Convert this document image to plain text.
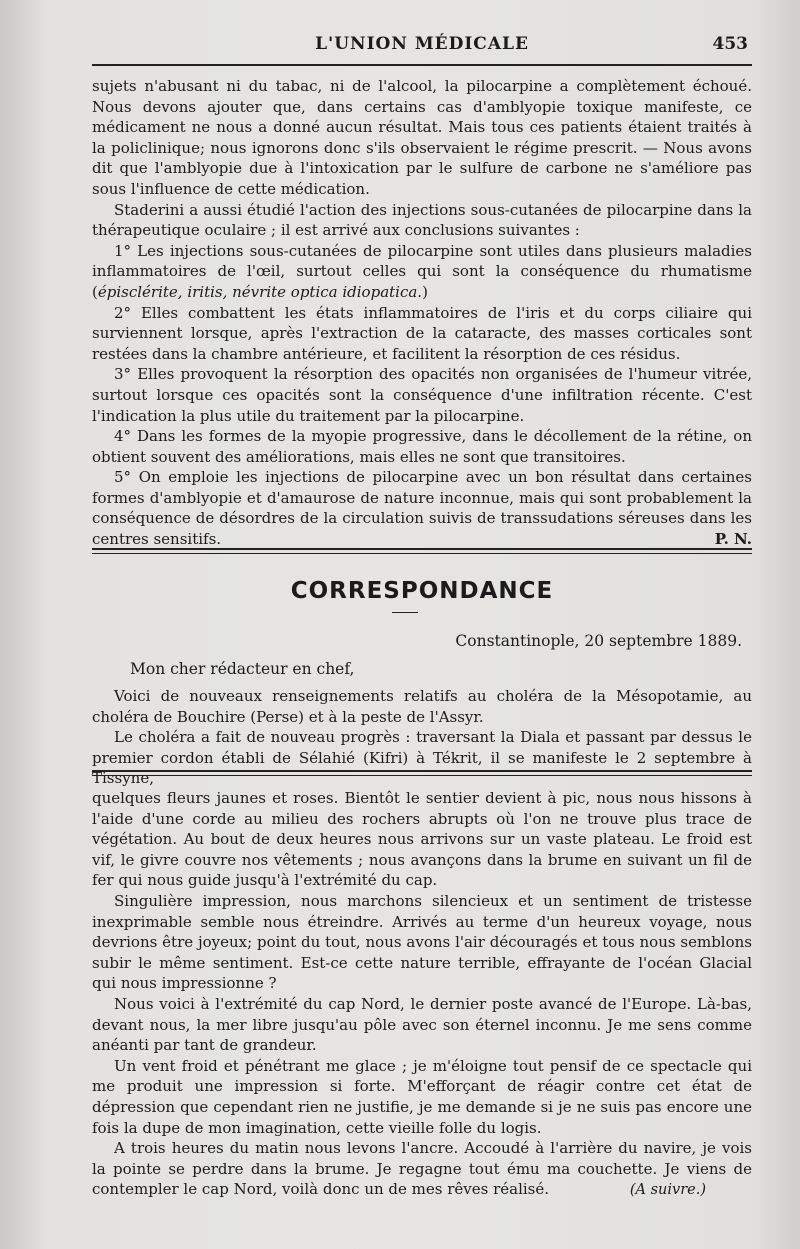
L'UNION MÉDICALE	453

sujets n'abusant ni du tabac, ni de l'alcool, la pilocarpine a complètement échoué. Nous devons ajouter que, dans certains cas d'amblyopie toxique manifeste, ce médicament ne nous a donné aucun résultat. Mais tous ces patients étaient traités à la policlinique; nous ignorons donc s'ils observaient le régime prescrit. — Nous avons dit que l'amblyopie due à l'intoxication par le sulfure de carbone ne s'améliore pas sous l'influence de cette médication.

Staderini a aussi étudié l'action des injections sous-cutanées de pilocarpine dans la thérapeutique oculaire ; il est arrivé aux conclusions suivantes :

1° Les injections sous-cutanées de pilocarpine sont utiles dans plusieurs maladies inflammatoires de l'œil, surtout celles qui sont la conséquence du rhumatisme (épisclérite, iritis, névrite optica idiopatica.)

2° Elles combattent les états inflammatoires de l'iris et du corps ciliaire qui surviennent lorsque, après l'extraction de la cataracte, des masses corticales sont restées dans la chambre antérieure, et facilitent la résorption de ces résidus.

3° Elles provoquent la résorption des opacités non organisées de l'humeur vitrée, surtout lorsque ces opacités sont la conséquence d'une infiltration récente. C'est l'indication la plus utile du traitement par la pilocarpine.

4° Dans les formes de la myopie progressive, dans le décollement de la rétine, on obtient souvent des améliorations, mais elles ne sont que transitoires.

5° On emploie les injections de pilocarpine avec un bon résultat dans certaines formes d'amblyopie et d'amaurose de nature inconnue, mais qui sont probablement la conséquence de désordres de la circulation suivis de transsudations séreuses dans les centres sensitifs.	P. N.

CORRESPONDANCE
Constantinople, 20 septembre 1889.
Mon cher rédacteur en chef,

Voici de nouveaux renseignements relatifs au choléra de la Mésopotamie, au choléra de Bouchire (Perse) et à la peste de l'Assyr.

Le choléra a fait de nouveau progrès : traversant la Diala et passant par dessus le premier cordon établi de Sélahié (Kifri) à Tékrit, il se manifeste le 2 septembre à Tissyne,

quelques fleurs jaunes et roses. Bientôt le sentier devient à pic, nous nous hissons à l'aide d'une corde au milieu des rochers abrupts où l'on ne trouve plus trace de végétation. Au bout de deux heures nous arrivons sur un vaste plateau. Le froid est vif, le givre couvre nos vêtements ; nous avançons dans la brume en suivant un fil de fer qui nous guide jusqu'à l'extrémité du cap.

Singulière impression, nous marchons silencieux et un sentiment de tristesse inexprimable semble nous étreindre. Arrivés au terme d'un heureux voyage, nous devrions être joyeux; point du tout, nous avons l'air découragés et tous nous semblons subir le même sentiment. Est-ce cette nature terrible, effrayante de l'océan Glacial qui nous impressionne ?

Nous voici à l'extrémité du cap Nord, le dernier poste avancé de l'Europe. Là-bas, devant nous, la mer libre jusqu'au pôle avec son éternel inconnu. Je me sens comme anéanti par tant de grandeur.

Un vent froid et pénétrant me glace ; je m'éloigne tout pensif de ce spectacle qui me produit une impression si forte. M'efforçant de réagir contre cet état de dépression que cependant rien ne justifie, je me demande si je ne suis pas encore une fois la dupe de mon imagination, cette vieille folle du logis.

A trois heures du matin nous levons l'ancre. Accoudé à l'arrière du navire, je vois la pointe se perdre dans la brume. Je regagne tout ému ma couchette. Je viens de contempler le cap Nord, voilà donc un de mes rêves réalisé.	(A suivre.)
